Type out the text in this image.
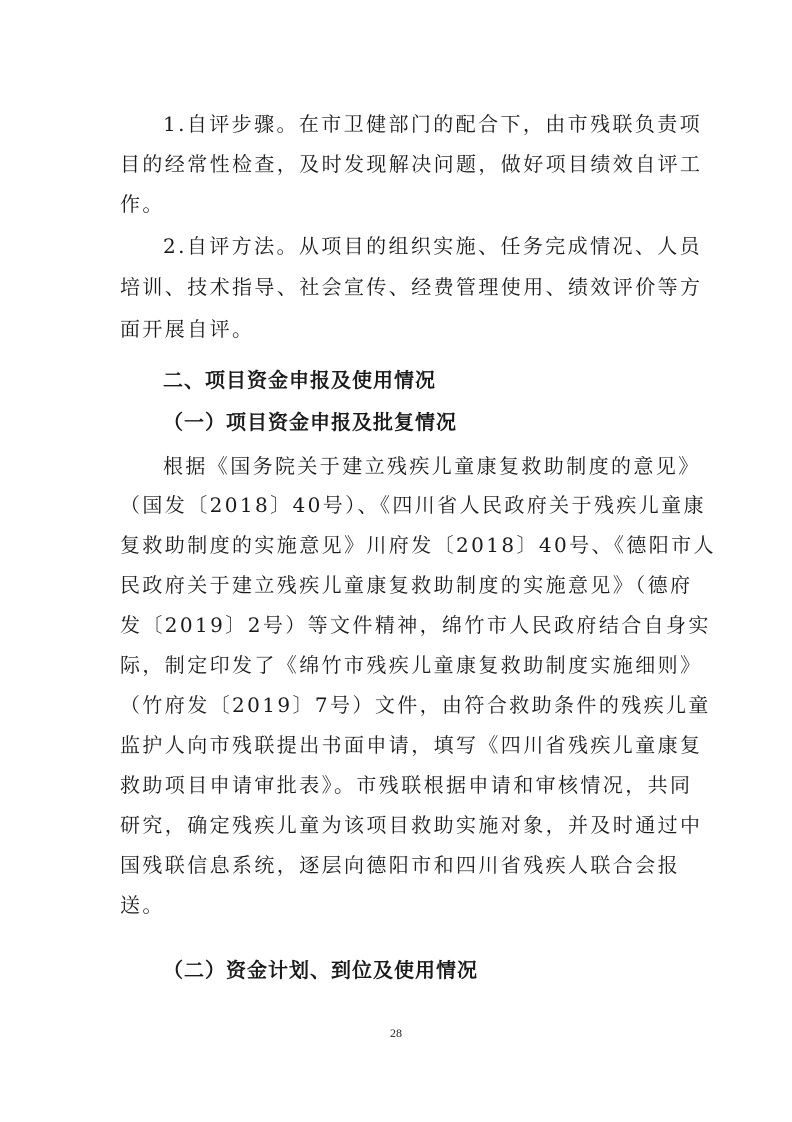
1.自评步骤。在市卫健部门的配合下，由市残联负责项
目的经常性检查，及时发现解决问题，做好项目绩效自评工
作。
2.自评方法。从项目的组织实施、任务完成情况、人员
培训、技术指导、社会宣传、经费管理使用、绩效评价等方
面开展自评。
二、项目资金申报及使用情况
（一）项目资金申报及批复情况
根据《国务院关于建立残疾儿童康复救助制度的意见》
（国发〔2018〕40号）、《四川省人民政府关于残疾儿童康
复救助制度的实施意见》川府发〔2018〕40号、《德阳市人
民政府关于建立残疾儿童康复救助制度的实施意见》（德府
发〔2019〕2号）等文件精神，绵竹市人民政府结合自身实
际，制定印发了《绵竹市残疾儿童康复救助制度实施细则》
（竹府发〔2019〕7号）文件，由符合救助条件的残疾儿童
监护人向市残联提出书面申请，填写《四川省残疾儿童康复
救助项目申请审批表》。市残联根据申请和审核情况，共同
研究，确定残疾儿童为该项目救助实施对象，并及时通过中
国残联信息系统，逐层向德阳市和四川省残疾人联合会报
送。
（二）资金计划、到位及使用情况
28
